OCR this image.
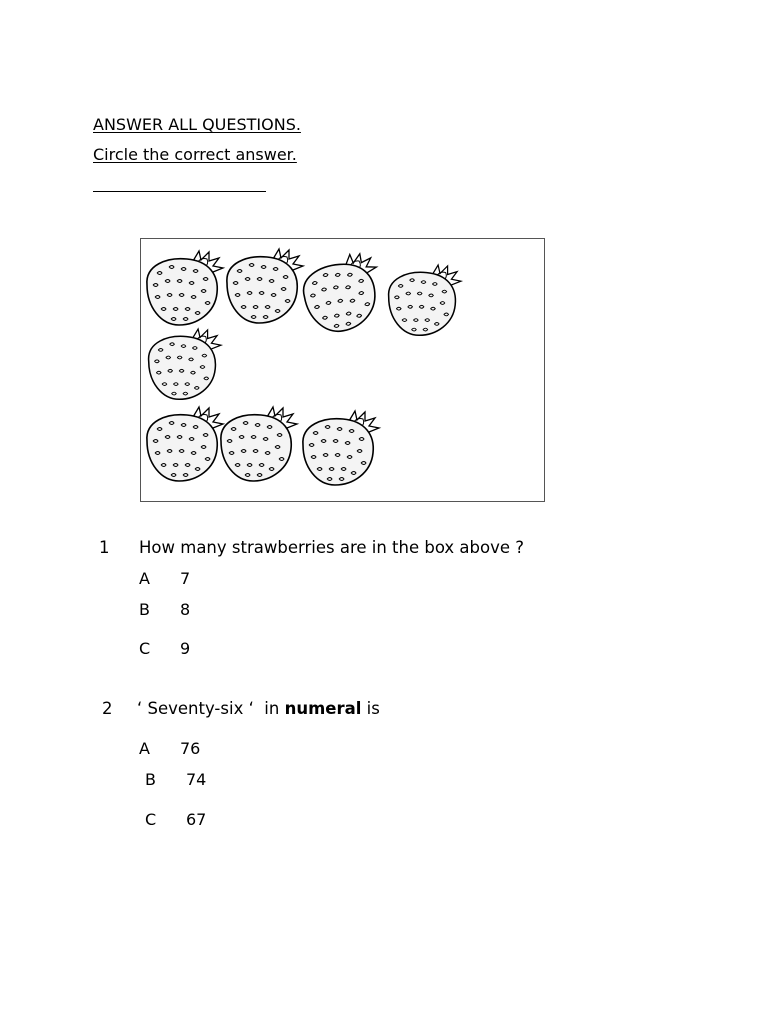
ANSWER ALL QUESTIONS.
Circle the correct answer.
1 How many strawberries are in the box above ?
A 7
B 8
C 9
2 ‘ Seventy-six ‘  in numeral is
A 76
B 74
C 67
